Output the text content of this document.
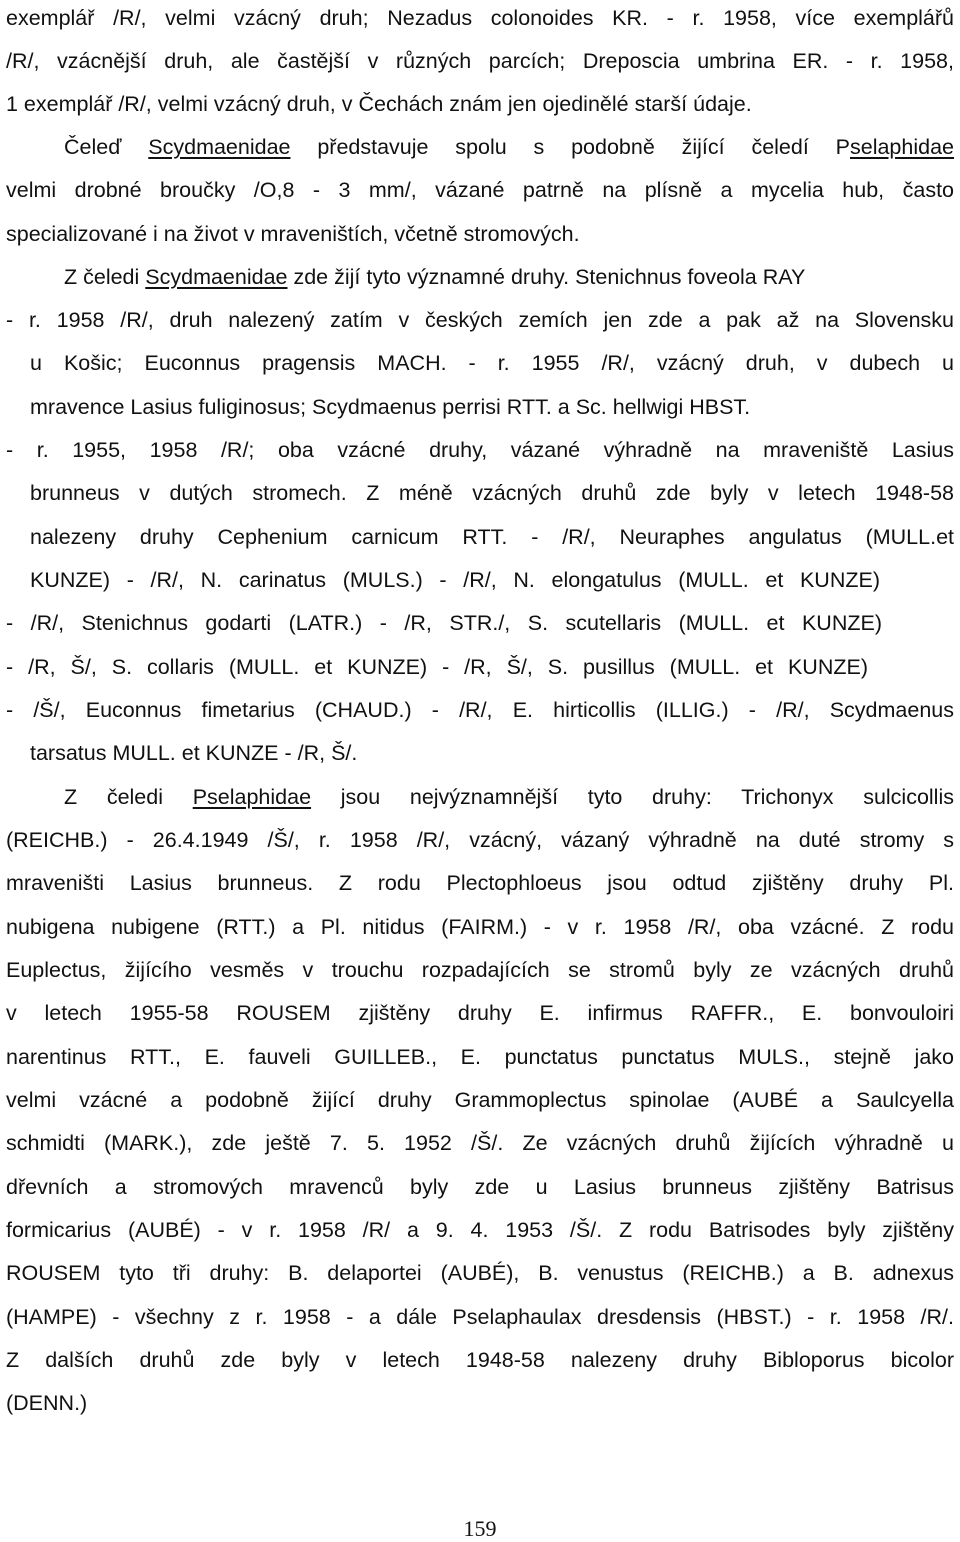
exemplář /R/, velmi vzácný druh; Nezadus colonoides KR. - r. 1958, více exemplářů
/R/, vzácnější druh, ale častější v různých parcích; Dreposcia umbrina ER. - r. 1958,
1 exemplář /R/, velmi vzácný druh, v Čechách znám jen ojedinělé starší údaje.
Čeleď Scydmaenidae představuje spolu s podobně žijící čeledí Pselaphidae
velmi drobné broučky /O,8 - 3 mm/, vázané patrně na plísně a mycelia hub, často
specializované i na život v mraveništích, včetně stromových.
Z čeledi Scydmaenidae zde žijí tyto významné druhy. Stenichnus foveola RAY
- r. 1958 /R/, druh nalezený zatím v českých zemích jen zde a pak až na Slovensku
u Košic; Euconnus pragensis MACH. - r. 1955 /R/, vzácný druh, v dubech u
mravence Lasius fuliginosus; Scydmaenus perrisi RTT. a Sc. hellwigi HBST.
- r. 1955, 1958 /R/; oba vzácné druhy, vázané výhradně na mraveniště Lasius
brunneus v dutých stromech. Z méně vzácných druhů zde byly v letech 1948-58
nalezeny druhy Cephenium carnicum RTT. - /R/, Neuraphes angulatus (MULL.et
KUNZE) - /R/, N. carinatus (MULS.) - /R/, N. elongatulus (MULL. et KUNZE)
- /R/, Stenichnus godarti (LATR.) - /R, STR./, S. scutellaris (MULL. et KUNZE)
- /R, Š/, S. collaris (MULL. et KUNZE) - /R, Š/, S. pusillus (MULL. et KUNZE)
- /Š/, Euconnus fimetarius (CHAUD.) - /R/, E. hirticollis (ILLIG.) - /R/, Scydmaenus
tarsatus MULL. et KUNZE - /R, Š/.
Z čeledi Pselaphidae jsou nejvýznamnější tyto druhy: Trichonyx sulcicollis
(REICHB.) - 26.4.1949 /Š/, r. 1958 /R/, vzácný, vázaný výhradně na duté stromy s
mraveništi Lasius brunneus. Z rodu Plectophloeus jsou odtud zjištěny druhy Pl.
nubigena nubigene (RTT.) a Pl. nitidus (FAIRM.) - v r. 1958 /R/, oba vzácné. Z rodu
Euplectus, žijícího vesměs v trouchu rozpadajících se stromů byly ze vzácných druhů
v letech 1955-58 ROUSEM zjištěny druhy E. infirmus RAFFR., E. bonvouloiri
narentinus RTT., E. fauveli GUILLEB., E. punctatus punctatus MULS., stejně jako
velmi vzácné a podobně žijící druhy Grammoplectus spinolae (AUBÉ a Saulcyella
schmidti (MARK.), zde ještě 7. 5. 1952 /Š/. Ze vzácných druhů žijících výhradně u
dřevních a stromových mravenců byly zde u Lasius brunneus zjištěny Batrisus
formicarius (AUBÉ) - v r. 1958 /R/ a 9. 4. 1953 /Š/. Z rodu Batrisodes byly zjištěny
ROUSEM tyto tři druhy: B. delaportei (AUBÉ), B. venustus (REICHB.) a B. adnexus
(HAMPE) - všechny z r. 1958 - a dále Pselaphaulax dresdensis (HBST.) - r. 1958 /R/.
Z dalších druhů zde byly v letech 1948-58 nalezeny druhy Bibloporus bicolor
(DENN.)
159
